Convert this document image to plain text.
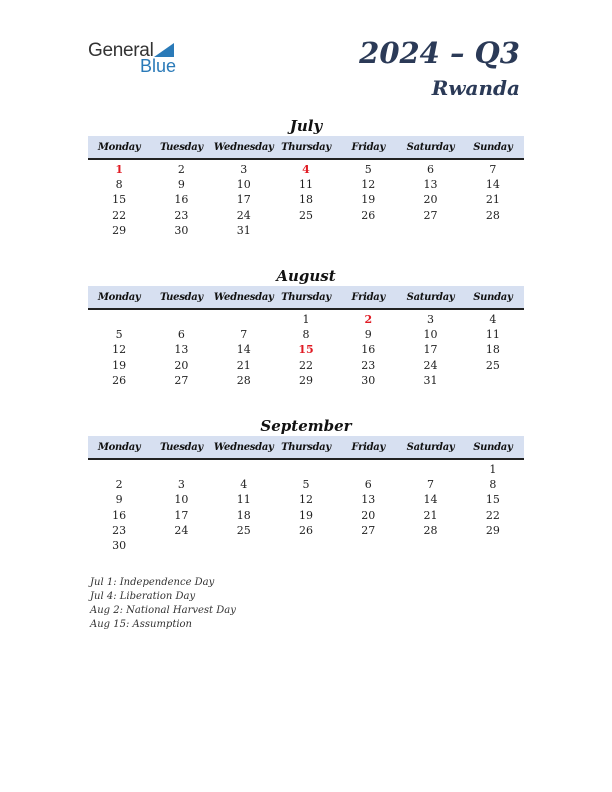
General
Blue	2024 – Q3
Rwanda
July
Monday	Tuesday	Wednesday	Thursday	Friday	Saturday	Sunday

1	2	3	4	5	6	7
8	9	10	11	12	13	14
15	16	17	18	19	20	21
22	23	24	25	26	27	28
29	30	31				
August
Monday	Tuesday	Wednesday	Thursday	Friday	Saturday	Sunday

			1	2	3	4
5	6	7	8	9	10	11
12	13	14	15	16	17	18
19	20	21	22	23	24	25
26	27	28	29	30	31	
September
Monday	Tuesday	Wednesday	Thursday	Friday	Saturday	Sunday

						1
2	3	4	5	6	7	8
9	10	11	12	13	14	15
16	17	18	19	20	21	22
23	24	25	26	27	28	29
30						
Jul 1: Independence Day
Jul 4: Liberation Day
Aug 2: National Harvest Day
Aug 15: Assumption
